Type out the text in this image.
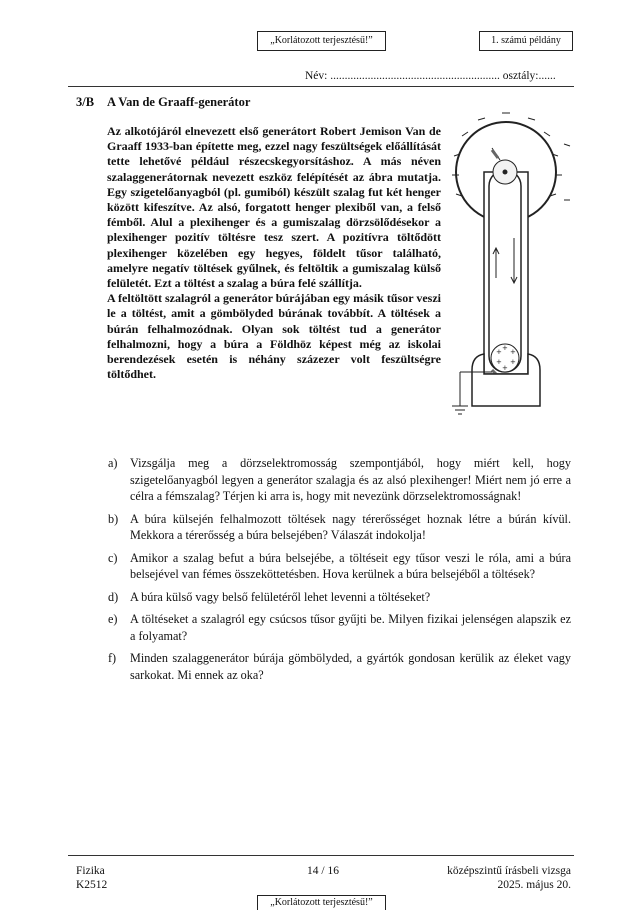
„Korlátozott terjesztésű!”	1. számú példány
Név: ........................................................... osztály:......
3/B A Van de Graaff-generátor

Az alkotójáról elnevezett első generátort Robert Jemison Van de Graaff 1933-ban építette meg, ezzel nagy feszültségek előállítását tette lehetővé például részecskegyorsításhoz. A más néven szalaggenerátornak nevezett eszköz felépítését az ábra mutatja. Egy szigetelőanyagból (pl. gumiból) készült szalag fut két henger között kifeszítve. Az alsó, forgatott henger plexiből van, a felső fémből. Alul a plexihenger és a gumiszalag dörzsölődésekor a plexihenger pozitív töltésre tesz szert. A pozitívra töltődött plexihenger közelében egy hegyes, földelt tűsor található, amelyre negatív töltések gyűlnek, és feltöltik a gumiszalag külső felületét. Ezt a töltést a szalag a búra felé szállítja.

A feltöltött szalagról a generátor búrájában egy másik tűsor veszi le a töltést, amit a gömbölyded búrának továbbít. A töltések a búrán felhalmozódnak. Olyan sok töltést tud a generátor felhalmozni, hogy a búra a Földhöz képest még az iskolai berendezések esetén is néhány százezer volt feszültségre töltődhet.

+ + +
+ +
+
a) Vizsgálja meg a dörzselektromosság szempontjából, hogy miért kell, hogy szigetelőanyagból legyen a generátor szalagja és az alsó plexihenger! Miért nem jó erre a célra a fémszalag? Térjen ki arra is, hogy mit nevezünk dörzselektromosságnak!
b) A búra külsején felhalmozott töltések nagy térerősséget hoznak létre a búrán kívül. Mekkora a térerősség a búra belsejében? Válaszát indokolja!
c) Amikor a szalag befut a búra belsejébe, a töltéseit egy tűsor veszi le róla, ami a búra belsejével van fémes összeköttetésben. Hova kerülnek a búra belsejéből a töltések?
d) A búra külső vagy belső felületéről lehet levenni a töltéseket?
e) A töltéseket a szalagról egy csúcsos tűsor gyűjti be. Milyen fizikai jelenségen alapszik ez a folyamat?
f) Minden szalaggenerátor búrája gömbölyded, a gyártók gondosan kerülik az éleket vagy sarkokat. Mi ennek az oka?
Fizika
K2512
14 / 16	középszintű írásbeli vizsga
2025. május 20.
„Korlátozott terjesztésű!”
